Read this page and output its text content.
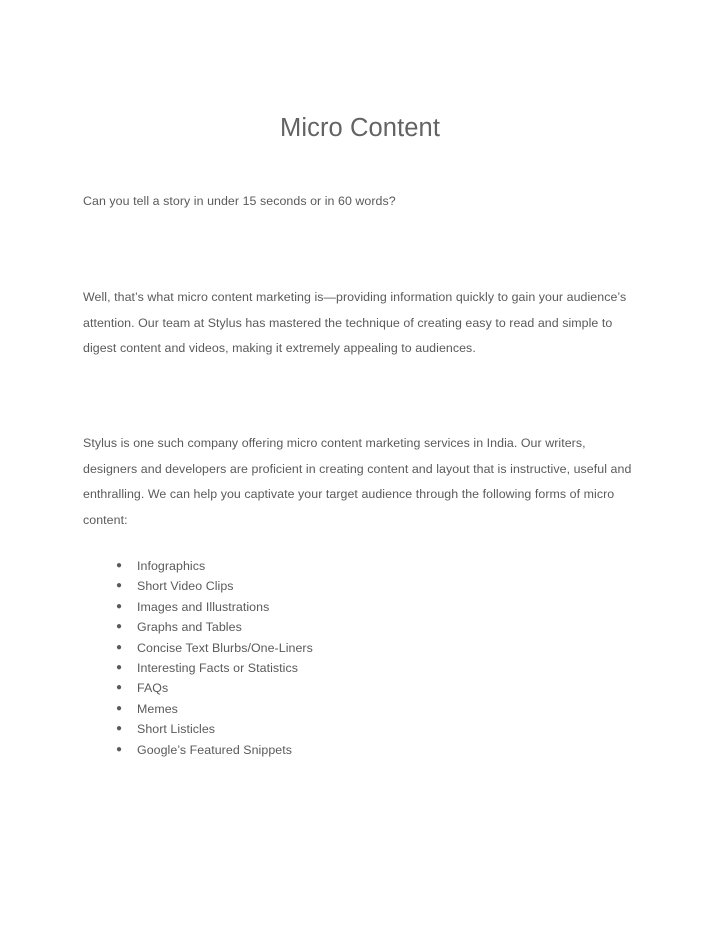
Micro Content

Can you tell a story in under 15 seconds or in 60 words?

Well, that’s what micro content marketing is—providing information quickly to gain your audience’s attention. Our team at Stylus has mastered the technique of creating easy to read and simple to digest content and videos, making it extremely appealing to audiences.

Stylus is one such company offering micro content marketing services in India. Our writers, designers and developers are proficient in creating content and layout that is instructive, useful and enthralling. We can help you captivate your target audience through the following forms of micro content:

●	Infographics
●	Short Video Clips
●	Images and Illustrations
●	Graphs and Tables
●	Concise Text Blurbs/One-Liners
●	Interesting Facts or Statistics
●	FAQs
●	Memes
●	Short Listicles
●	Google’s Featured Snippets
